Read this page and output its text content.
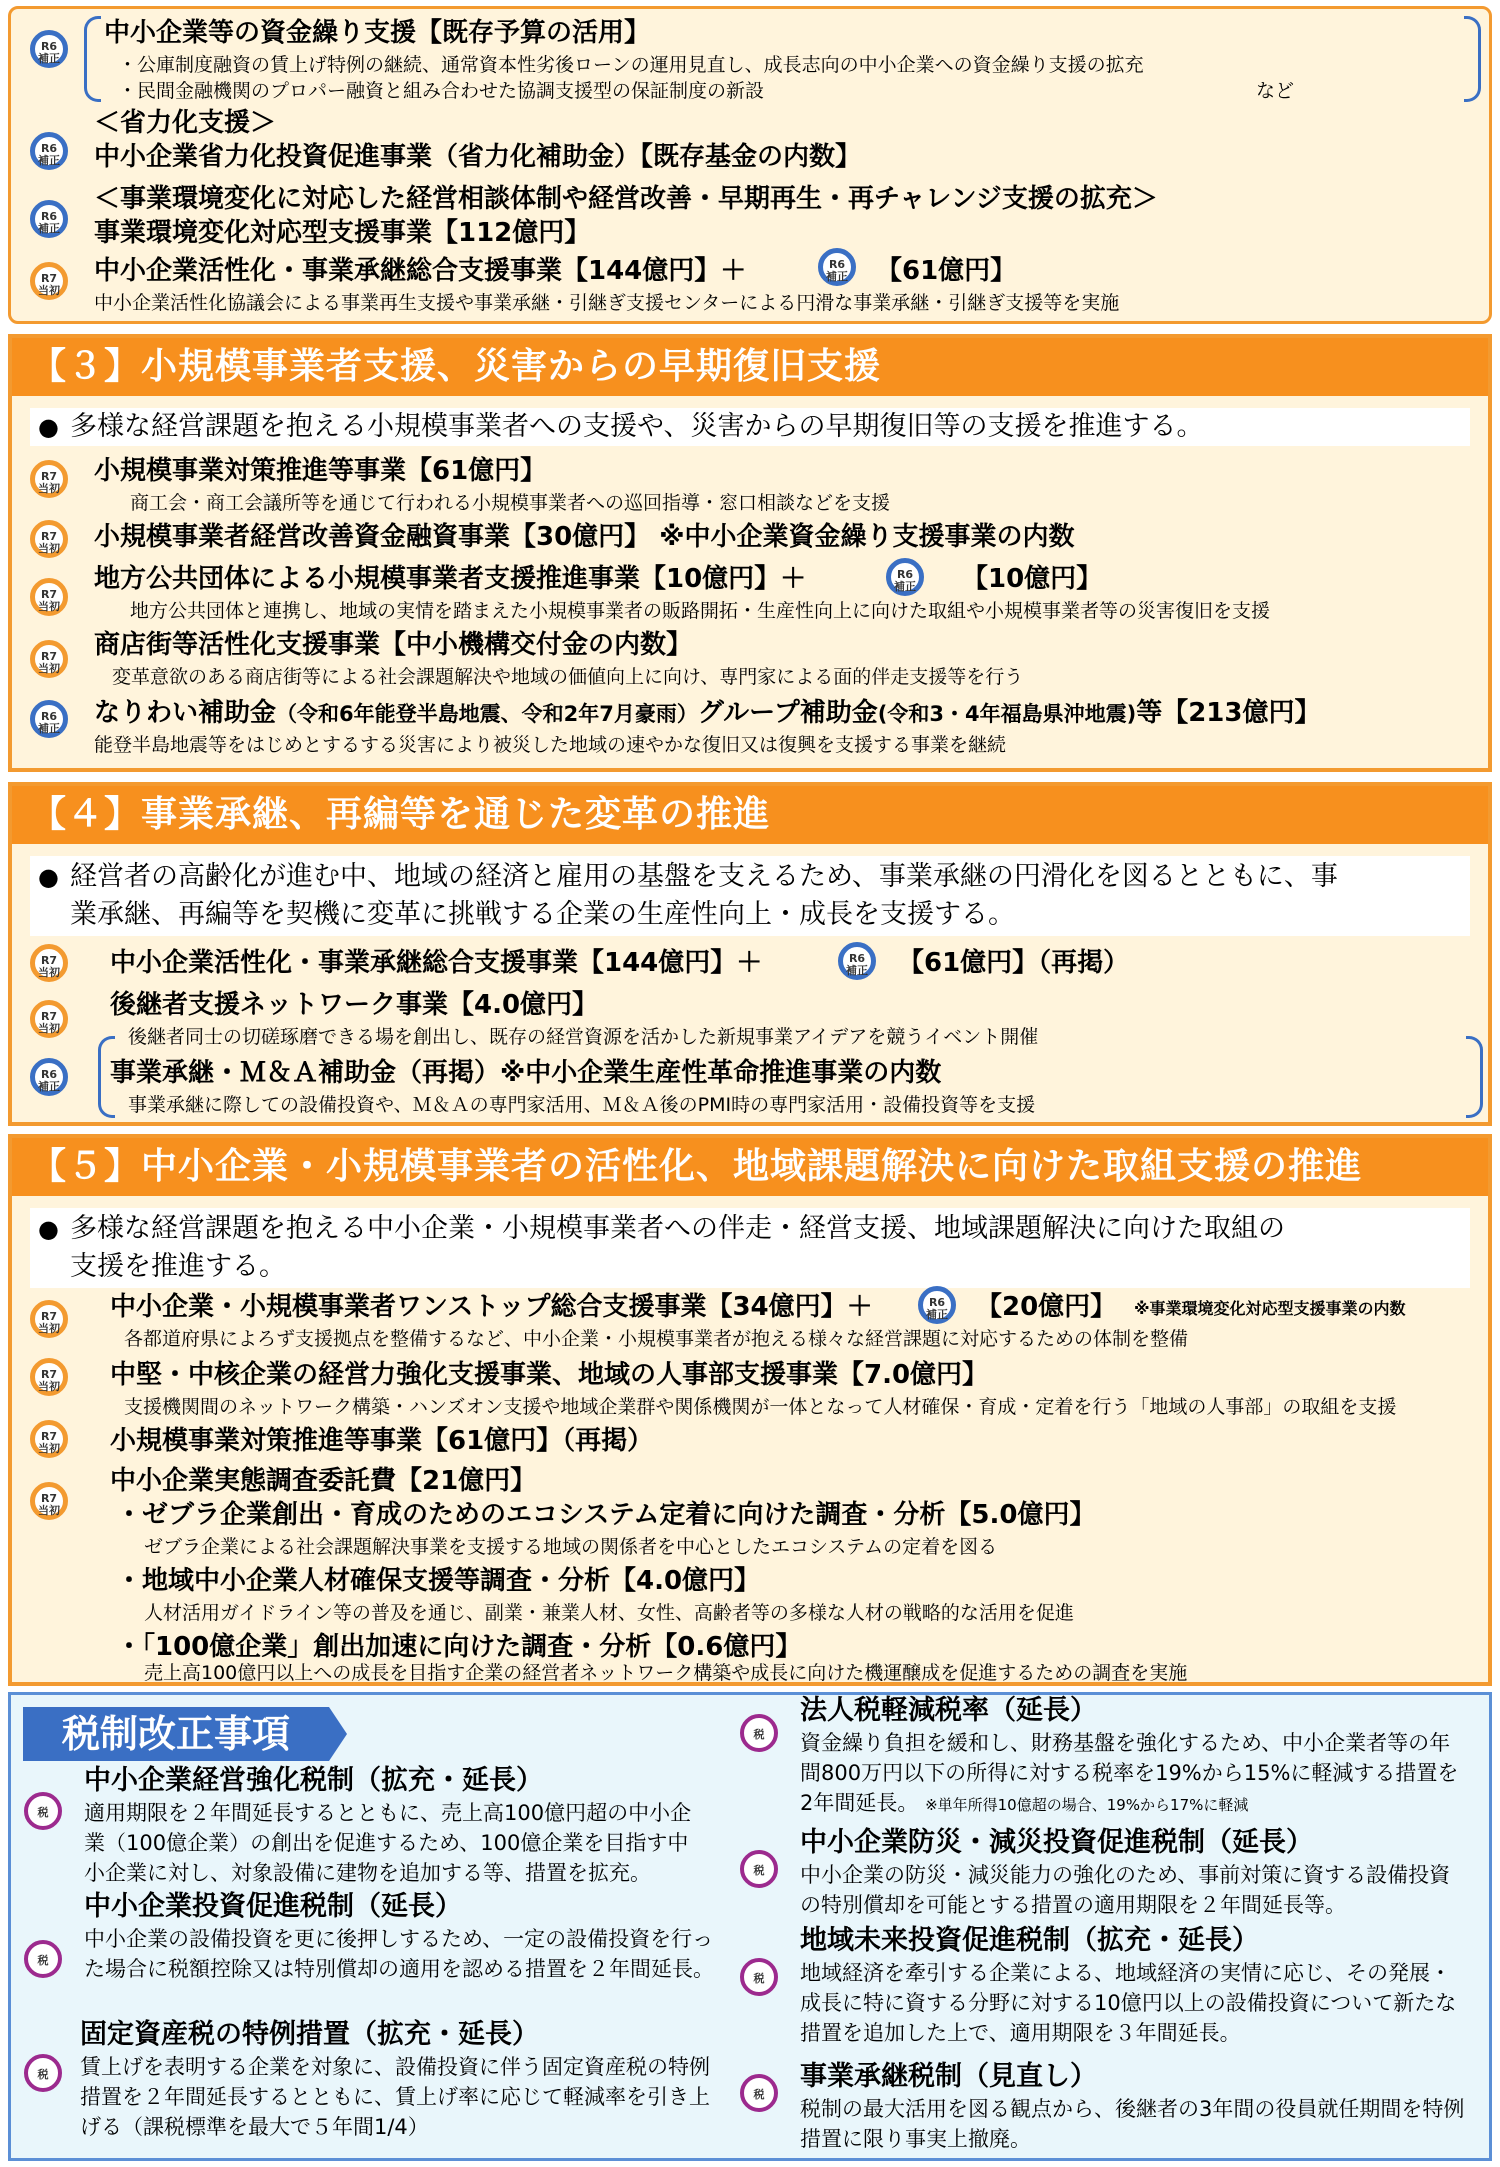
R6
補正
中小企業等の資金繰り支援【既存予算の活用】
・公庫制度融資の賃上げ特例の継続、通常資本性劣後ローンの運用見直し、成長志向の中小企業への資金繰り支援の拡充
・民間金融機関のプロパー融資と組み合わせた協調支援型の保証制度の新設	など
R6
補正
＜省力化支援＞
中小企業省力化投資促進事業（省力化補助金）【既存基金の内数】
R6
補正
＜事業環境変化に対応した経営相談体制や経営改善・早期再生・再チャレンジ支援の拡充＞
事業環境変化対応型支援事業【112億円】
R7
当初
中小企業活性化・事業承継総合支援事業【144億円】＋	R6
補正	【61億円】
中小企業活性化協議会による事業再生支援や事業承継・引継ぎ支援センターによる円滑な事業承継・引継ぎ支援等を実施
【３】小規模事業者支援、災害からの早期復旧支援
● 多様な経営課題を抱える小規模事業者への支援や、災害からの早期復旧等の支援を推進する。
R7
当初
小規模事業対策推進等事業【61億円】
商工会・商工会議所等を通じて行われる小規模事業者への巡回指導・窓口相談などを支援
R7
当初	小規模事業者経営改善資金融資事業【30億円】 ※中小企業資金繰り支援事業の内数
R7
当初
地方公共団体による小規模事業者支援推進事業【10億円】＋	R6
補正	【10億円】
地方公共団体と連携し、地域の実情を踏まえた小規模事業者の販路開拓・生産性向上に向けた取組や小規模事業者等の災害復旧を支援
R7
当初
商店街等活性化支援事業【中小機構交付金の内数】
変革意欲のある商店街等による社会課題解決や地域の価値向上に向け、専門家による面的伴走支援等を行う
R6
補正
なりわい補助金（令和6年能登半島地震、令和2年7月豪雨）グループ補助金(令和3・4年福島県沖地震)等【213億円】
能登半島地震等をはじめとするする災害により被災した地域の速やかな復旧又は復興を支援する事業を継続
【４】事業承継、再編等を通じた変革の推進
● 経営者の高齢化が進む中、地域の経済と雇用の基盤を支えるため、事業承継の円滑化を図るとともに、事
業承継、再編等を契機に変革に挑戦する企業の生産性向上・成長を支援する。
R7
当初	中小企業活性化・事業承継総合支援事業【144億円】＋	R6
補正	【61億円】（再掲）
R7
当初
後継者支援ネットワーク事業【4.0億円】
後継者同士の切磋琢磨できる場を創出し、既存の経営資源を活かした新規事業アイデアを競うイベント開催
R6
補正	事業承継・Ｍ＆Ａ補助金（再掲）※中小企業生産性革命推進事業の内数
事業承継に際しての設備投資や、Ｍ＆Ａの専門家活用、Ｍ＆Ａ後のPMI時の専門家活用・設備投資等を支援
【５】中小企業・小規模事業者の活性化、地域課題解決に向けた取組支援の推進
● 多様な経営課題を抱える中小企業・小規模事業者への伴走・経営支援、地域課題解決に向けた取組の
支援を推進する。
R7
当初
中小企業・小規模事業者ワンストップ総合支援事業【34億円】＋	R6
補正	【20億円】 ※事業環境変化対応型支援事業の内数
各都道府県によろず支援拠点を整備するなど、中小企業・小規模事業者が抱える様々な経営課題に対応するための体制を整備
R7
当初	中堅・中核企業の経営力強化支援事業、地域の人事部支援事業【7.0億円】
支援機関間のネットワーク構築・ハンズオン支援や地域企業群や関係機関が一体となって人材確保・育成・定着を行う「地域の人事部」の取組を支援
R7
当初	小規模事業対策推進等事業【61億円】（再掲）
R7
当初
中小企業実態調査委託費【21億円】
・ゼブラ企業創出・育成のためのエコシステム定着に向けた調査・分析【5.0億円】
ゼブラ企業による社会課題解決事業を支援する地域の関係者を中心としたエコシステムの定着を図る
・地域中小企業人材確保支援等調査・分析【4.0億円】
人材活用ガイドライン等の普及を通じ、副業・兼業人材、女性、高齢者等の多様な人材の戦略的な活用を促進
・「100億企業」創出加速に向けた調査・分析【0.6億円】
売上高100億円以上への成長を目指す企業の経営者ネットワーク構築や成長に向けた機運醸成を促進するための調査を実施
税制改正事項
税
中小企業経営強化税制（拡充・延長）
適用期限を２年間延長するとともに、売上高100億円超の中小企業（100億企業）の創出を促進するため、100億企業を目指す中小企業に対し、対象設備に建物を追加する等、措置を拡充。
税
中小企業投資促進税制（延長）
中小企業の設備投資を更に後押しするため、一定の設備投資を行った場合に税額控除又は特別償却の適用を認める措置を２年間延長。
税
固定資産税の特例措置（拡充・延長）
賃上げを表明する企業を対象に、設備投資に伴う固定資産税の特例措置を２年間延長するとともに、賃上げ率に応じて軽減率を引き上げる（課税標準を最大で５年間1/4）
税
法人税軽減税率（延長）
資金繰り負担を緩和し、財務基盤を強化するため、中小企業者等の年間800万円以下の所得に対する税率を19%から15%に軽減する措置を2年間延長。 ※単年所得10億超の場合、19%から17%に軽減
税
中小企業防災・減災投資促進税制（延長）
中小企業の防災・減災能力の強化のため、事前対策に資する設備投資の特別償却を可能とする措置の適用期限を２年間延長等。
税
地域未来投資促進税制（拡充・延長）
地域経済を牽引する企業による、地域経済の実情に応じ、その発展・成長に特に資する分野に対する10億円以上の設備投資について新たな措置を追加した上で、適用期限を３年間延長。
税
事業承継税制（見直し）
税制の最大活用を図る観点から、後継者の3年間の役員就任期間を特例措置に限り事実上撤廃。
